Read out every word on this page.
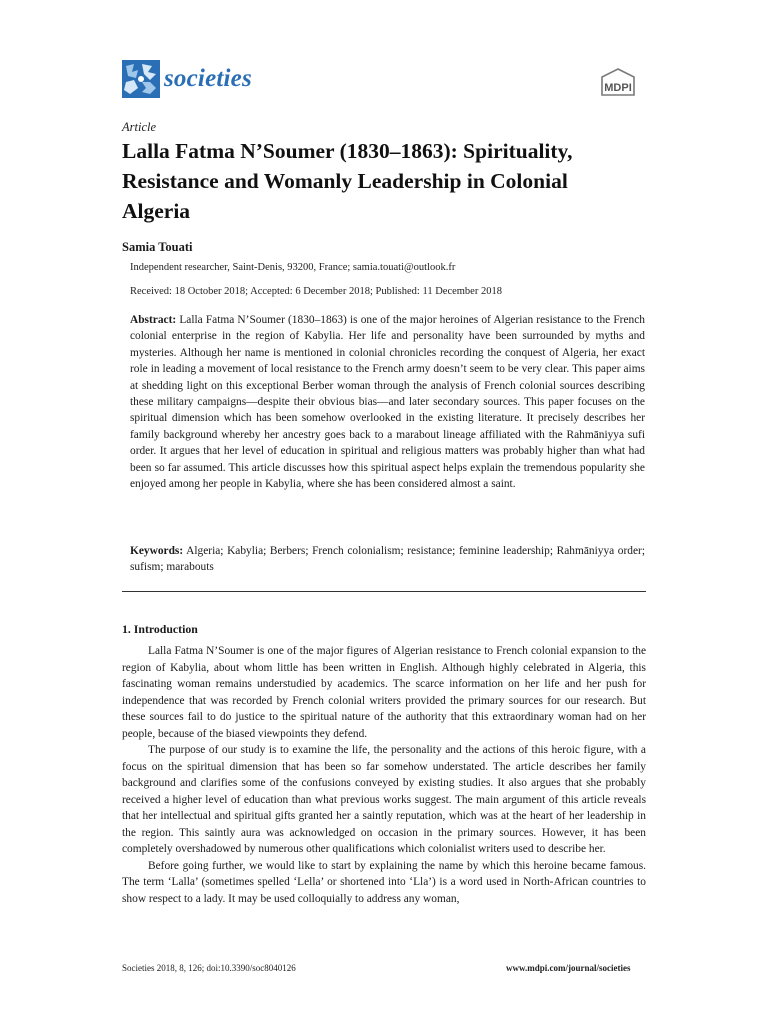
societies	MDPI
Article
Lalla Fatma N’Soumer (1830–1863): Spirituality, Resistance and Womanly Leadership in Colonial Algeria
Samia Touati
Independent researcher, Saint-Denis, 93200, France; samia.touati@outlook.fr
Received: 18 October 2018; Accepted: 6 December 2018; Published: 11 December 2018
Abstract: Lalla Fatma N’Soumer (1830–1863) is one of the major heroines of Algerian resistance to the French colonial enterprise in the region of Kabylia. Her life and personality have been surrounded by myths and mysteries. Although her name is mentioned in colonial chronicles recording the conquest of Algeria, her exact role in leading a movement of local resistance to the French army doesn’t seem to be very clear. This paper aims at shedding light on this exceptional Berber woman through the analysis of French colonial sources describing these military campaigns—despite their obvious bias—and later secondary sources. This paper focuses on the spiritual dimension which has been somehow overlooked in the existing literature. It precisely describes her family background whereby her ancestry goes back to a marabout lineage affiliated with the Rahmāniyya sufi order. It argues that her level of education in spiritual and religious matters was probably higher than what had been so far assumed. This article discusses how this spiritual aspect helps explain the tremendous popularity she enjoyed among her people in Kabylia, where she has been considered almost a saint.
Keywords: Algeria; Kabylia; Berbers; French colonialism; resistance; feminine leadership; Rahmāniyya order; sufism; marabouts
1. Introduction

Lalla Fatma N’Soumer is one of the major figures of Algerian resistance to French colonial expansion to the region of Kabylia, about whom little has been written in English. Although highly celebrated in Algeria, this fascinating woman remains understudied by academics. The scarce information on her life and her push for independence that was recorded by French colonial writers provided the primary sources for our research. But these sources fail to do justice to the spiritual nature of the authority that this extraordinary woman had on her people, because of the biased viewpoints they defend.

The purpose of our study is to examine the life, the personality and the actions of this heroic figure, with a focus on the spiritual dimension that has been so far somehow understated. The article describes her family background and clarifies some of the confusions conveyed by existing studies. It also argues that she probably received a higher level of education than what previous works suggest. The main argument of this article reveals that her intellectual and spiritual gifts granted her a saintly reputation, which was at the heart of her leadership in the region. This saintly aura was acknowledged on occasion in the primary sources. However, it has been completely overshadowed by numerous other qualifications which colonialist writers used to describe her.

Before going further, we would like to start by explaining the name by which this heroine became famous. The term ‘Lalla’ (sometimes spelled ‘Lella’ or shortened into ‘Lla’) is a word used in North-African countries to show respect to a lady. It may be used colloquially to address any woman,

Societies 2018, 8, 126; doi:10.3390/soc8040126	www.mdpi.com/journal/societies
